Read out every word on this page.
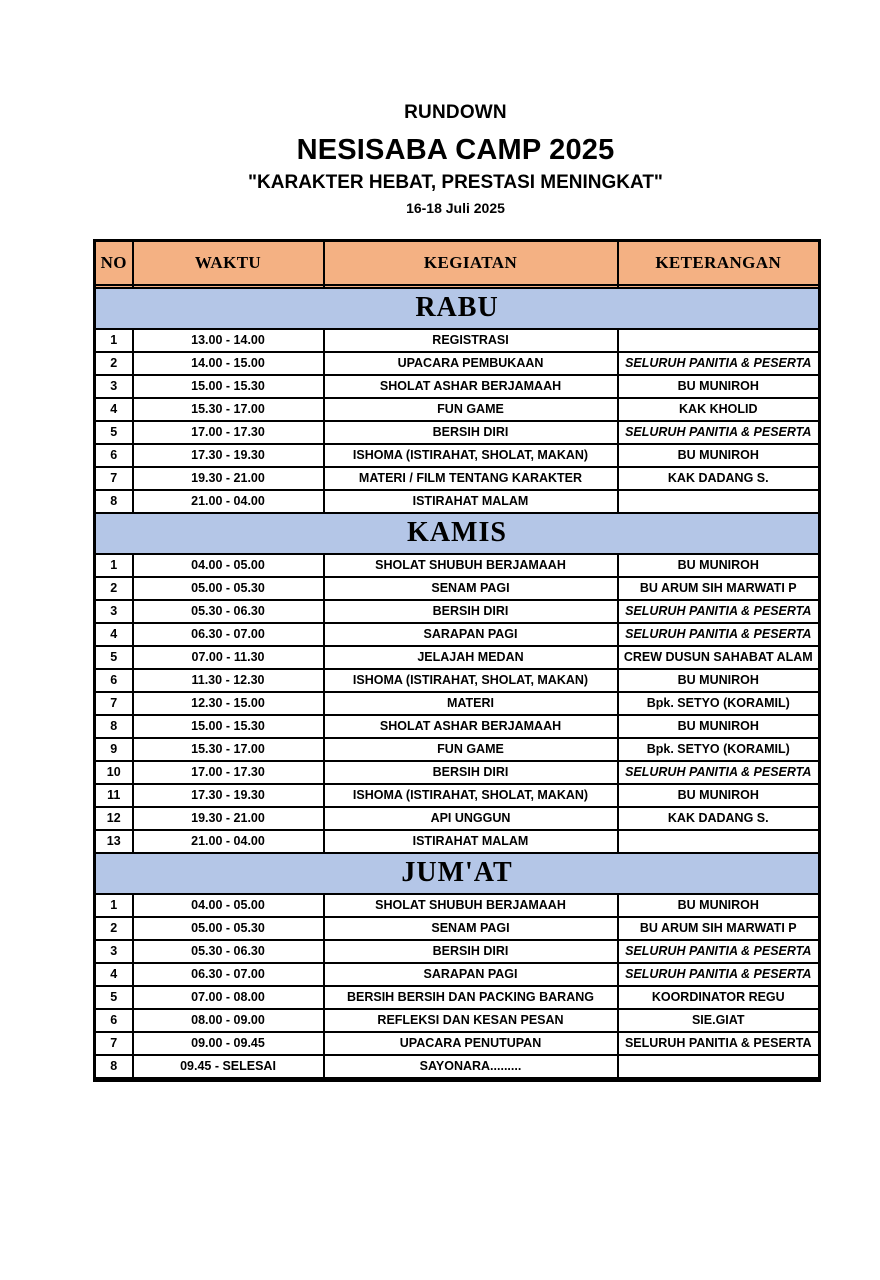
RUNDOWN
NESISABA CAMP 2025
"KARAKTER HEBAT, PRESTASI MENINGKAT"
16-18 Juli 2025
NO	WAKTU	KEGIATAN	KETERANGAN

RABU			
1	13.00 - 14.00	REGISTRASI	
2	14.00 - 15.00	UPACARA PEMBUKAAN	SELURUH PANITIA & PESERTA
3	15.00 - 15.30	SHOLAT ASHAR BERJAMAAH	BU MUNIROH
4	15.30 - 17.00	FUN GAME	KAK KHOLID
5	17.00 - 17.30	BERSIH DIRI	SELURUH PANITIA & PESERTA
6	17.30 - 19.30	ISHOMA (ISTIRAHAT, SHOLAT, MAKAN)	BU MUNIROH
7	19.30 - 21.00	MATERI / FILM TENTANG KARAKTER	KAK DADANG S.
8	21.00 - 04.00	ISTIRAHAT MALAM	
KAMIS			
1	04.00 - 05.00	SHOLAT SHUBUH BERJAMAAH	BU MUNIROH
2	05.00 - 05.30	SENAM PAGI	BU ARUM SIH MARWATI P
3	05.30 - 06.30	BERSIH DIRI	SELURUH PANITIA & PESERTA
4	06.30 - 07.00	SARAPAN PAGI	SELURUH PANITIA & PESERTA
5	07.00 - 11.30	JELAJAH MEDAN	CREW DUSUN SAHABAT ALAM
6	11.30 - 12.30	ISHOMA (ISTIRAHAT, SHOLAT, MAKAN)	BU MUNIROH
7	12.30 - 15.00	MATERI	Bpk. SETYO (KORAMIL)
8	15.00 - 15.30	SHOLAT ASHAR BERJAMAAH	BU MUNIROH
9	15.30 - 17.00	FUN GAME	Bpk. SETYO (KORAMIL)
10	17.00 - 17.30	BERSIH DIRI	SELURUH PANITIA & PESERTA
11	17.30 - 19.30	ISHOMA (ISTIRAHAT, SHOLAT, MAKAN)	BU MUNIROH
12	19.30 - 21.00	API UNGGUN	KAK DADANG S.
13	21.00 - 04.00	ISTIRAHAT MALAM	
JUM'AT			
1	04.00 - 05.00	SHOLAT SHUBUH BERJAMAAH	BU MUNIROH
2	05.00 - 05.30	SENAM PAGI	BU ARUM SIH MARWATI P
3	05.30 - 06.30	BERSIH DIRI	SELURUH PANITIA & PESERTA
4	06.30 - 07.00	SARAPAN PAGI	SELURUH PANITIA & PESERTA
5	07.00 - 08.00	BERSIH BERSIH DAN PACKING BARANG	KOORDINATOR REGU
6	08.00 - 09.00	REFLEKSI DAN KESAN PESAN	SIE.GIAT
7	09.00 - 09.45	UPACARA PENUTUPAN	SELURUH PANITIA & PESERTA
8	09.45 - SELESAI	SAYONARA.........	
